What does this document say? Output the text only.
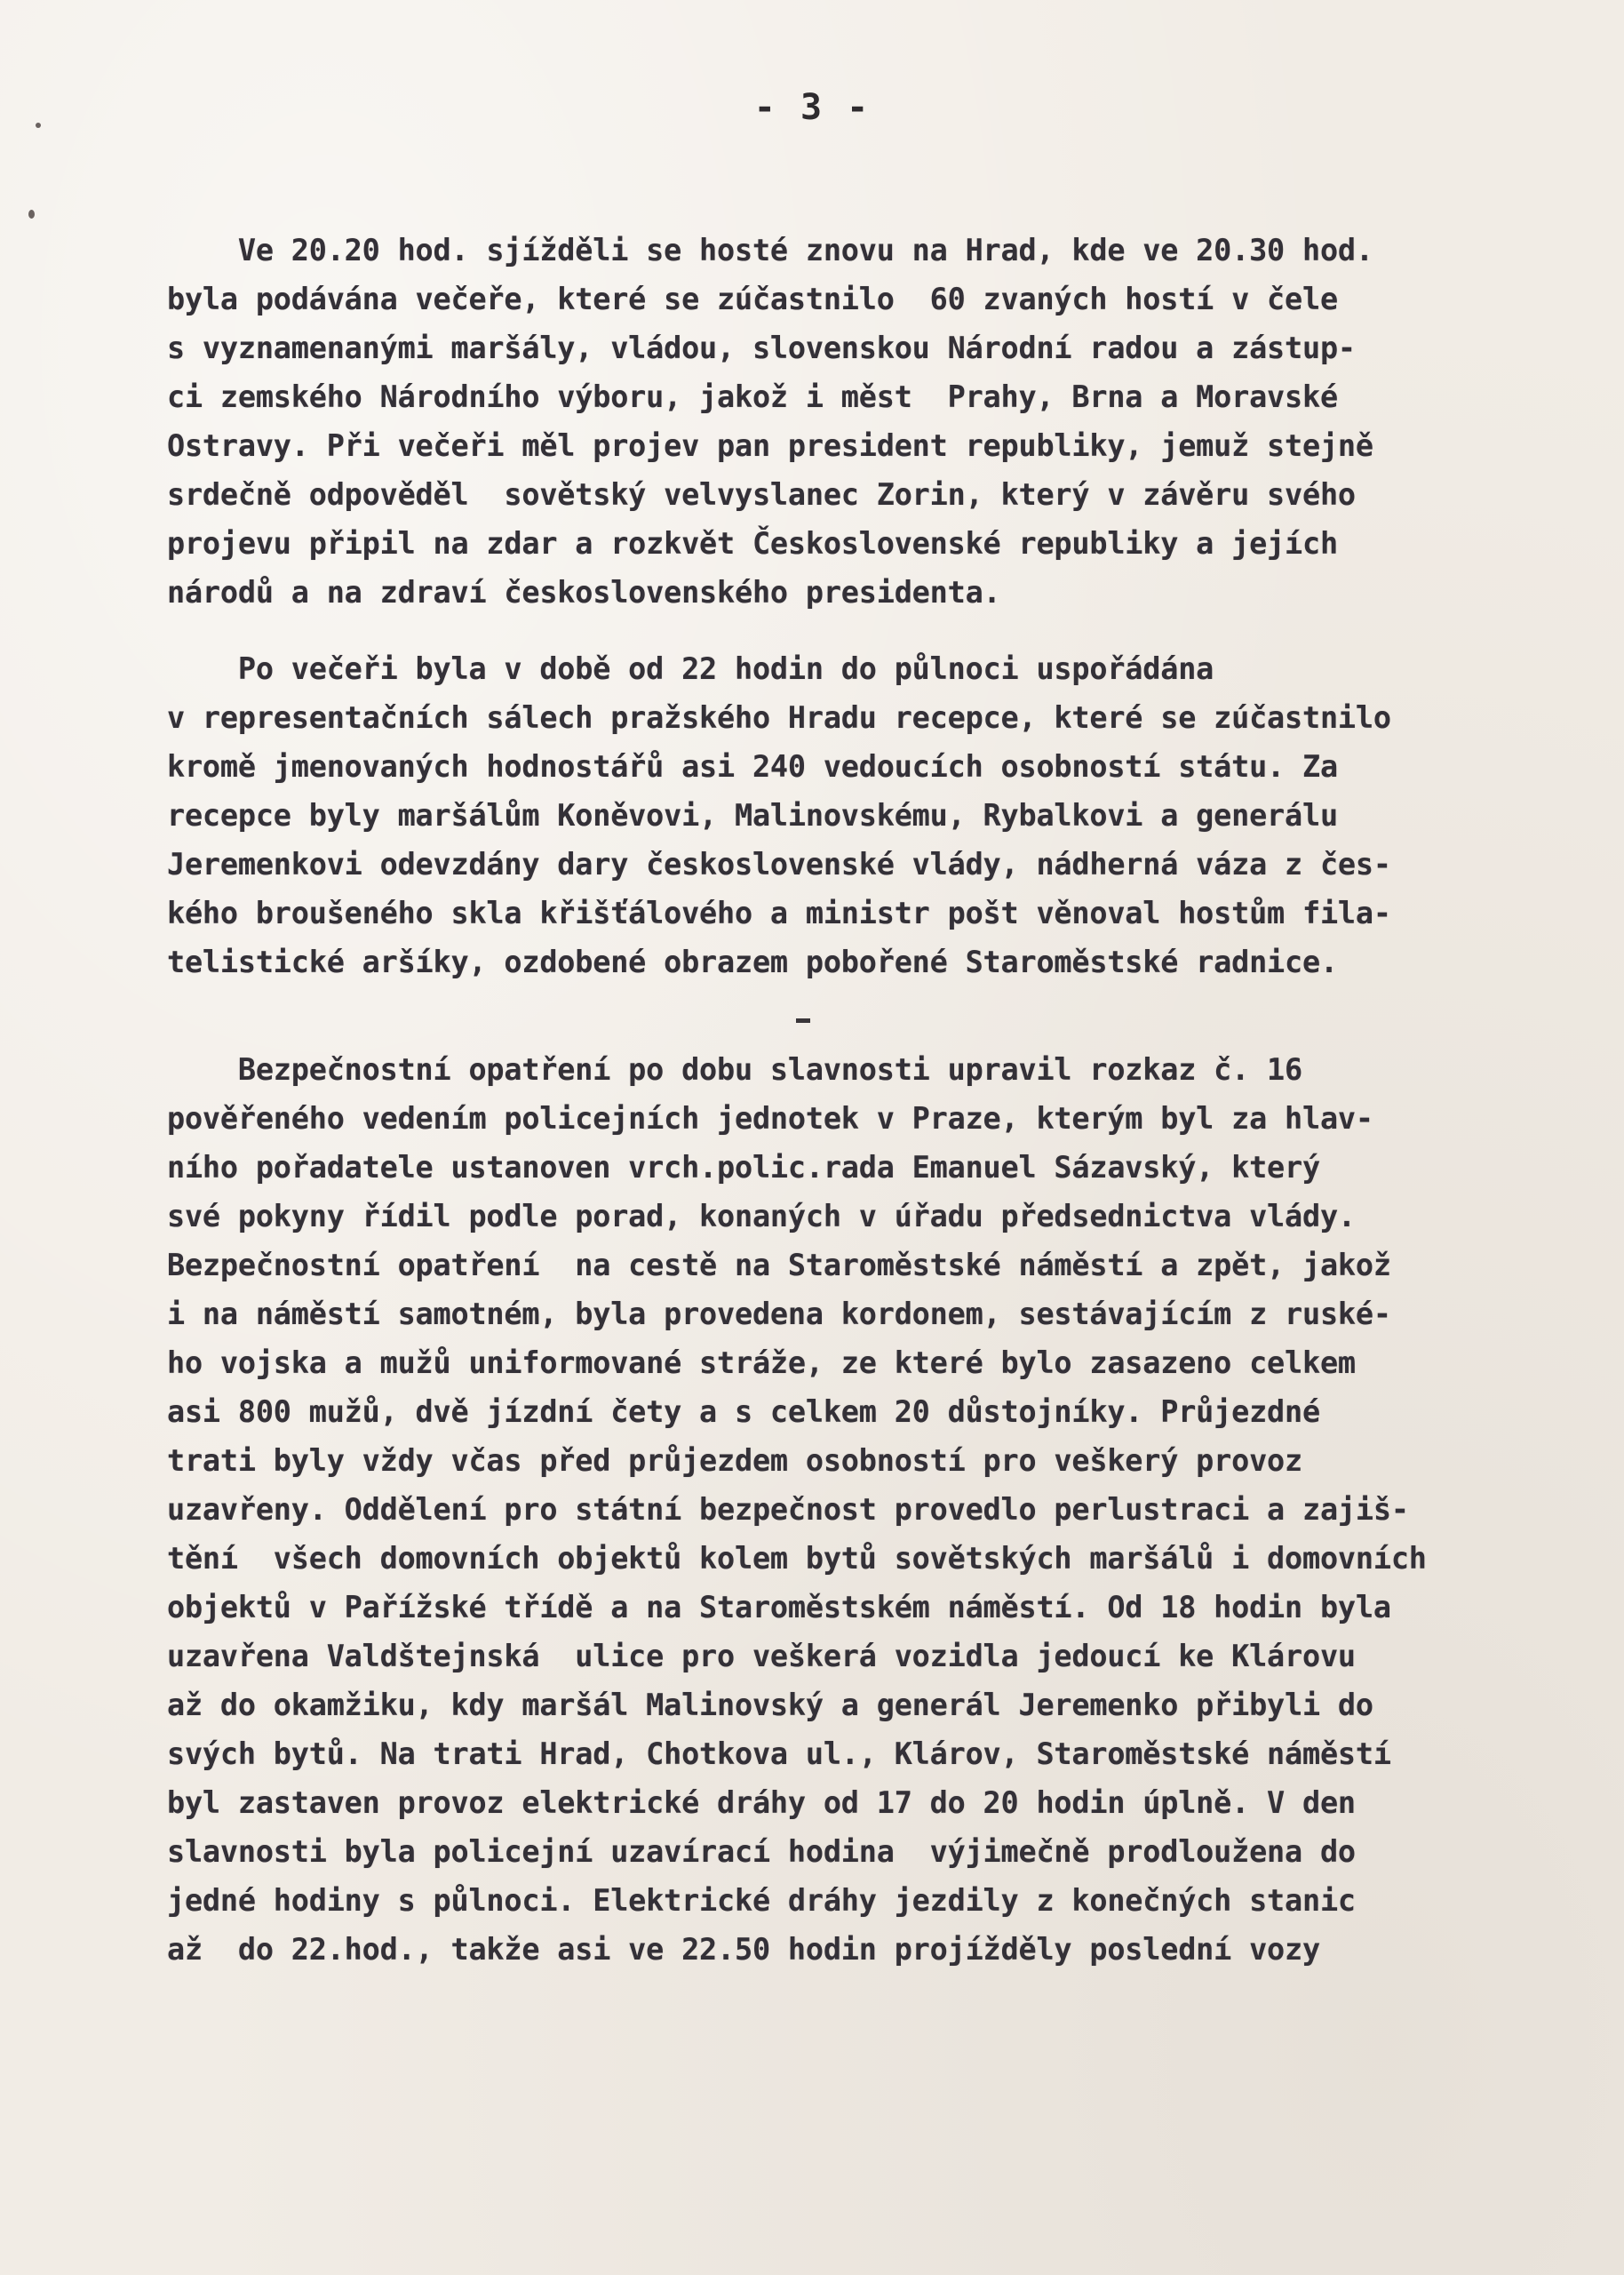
- 3 -
Ve 20.20 hod. sjížděli se hosté znovu na Hrad, kde ve 20.30 hod.
byla podávána večeře, které se zúčastnilo  60 zvaných hostí v čele
s vyznamenanými maršály, vládou, slovenskou Národní radou a zástup-
ci zemského Národního výboru, jakož i měst  Prahy, Brna a Moravské
Ostravy. Při večeři měl projev pan president republiky, jemuž stejně
srdečně odpověděl  sovětský velvyslanec Zorin, který v závěru svého
projevu připil na zdar a rozkvět Československé republiky a jejích
národů a na zdraví československého presidenta.
Po večeři byla v době od 22 hodin do půlnoci uspořádána
v representačních sálech pražského Hradu recepce, které se zúčastnilo
kromě jmenovaných hodnostářů asi 240 vedoucích osobností státu. Za
recepce byly maršálům Koněvovi, Malinovskému, Rybalkovi a generálu
Jeremenkovi odevzdány dary československé vlády, nádherná váza z čes-
kého broušeného skla křišťálového a ministr pošt věnoval hostům fila-
telistické aršíky, ozdobené obrazem pobořené Staroměstské radnice.
Bezpečnostní opatření po dobu slavnosti upravil rozkaz č. 16
pověřeného vedením policejních jednotek v Praze, kterým byl za hlav-
ního pořadatele ustanoven vrch.polic.rada Emanuel Sázavský, který
své pokyny řídil podle porad, konaných v úřadu předsednictva vlády.
Bezpečnostní opatření  na cestě na Staroměstské náměstí a zpět, jakož
i na náměstí samotném, byla provedena kordonem, sestávajícím z ruské-
ho vojska a mužů uniformované stráže, ze které bylo zasazeno celkem
asi 800 mužů, dvě jízdní čety a s celkem 20 důstojníky. Průjezdné
trati byly vždy včas před průjezdem osobností pro veškerý provoz
uzavřeny. Oddělení pro státní bezpečnost provedlo perlustraci a zajiš-
tění  všech domovních objektů kolem bytů sovětských maršálů i domovních
objektů v Pařížské třídě a na Staroměstském náměstí. Od 18 hodin byla
uzavřena Valdštejnská  ulice pro veškerá vozidla jedoucí ke Klárovu
až do okamžiku, kdy maršál Malinovský a generál Jeremenko přibyli do
svých bytů. Na trati Hrad, Chotkova ul., Klárov, Staroměstské náměstí
byl zastaven provoz elektrické dráhy od 17 do 20 hodin úplně. V den
slavnosti byla policejní uzavírací hodina  výjimečně prodloužena do
jedné hodiny s půlnoci. Elektrické dráhy jezdily z konečných stanic
až  do 22.hod., takže asi ve 22.50 hodin projížděly poslední vozy
